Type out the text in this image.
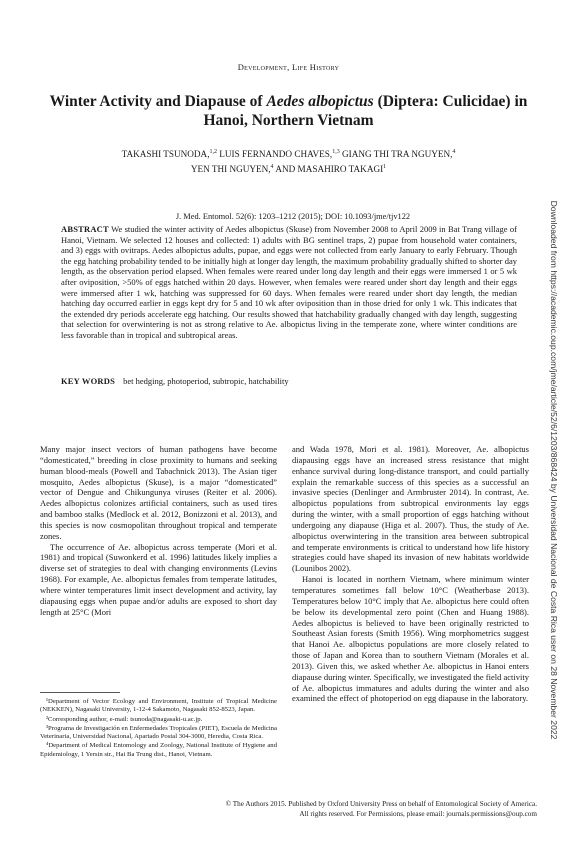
Development, Life History
Winter Activity and Diapause of Aedes albopictus (Diptera: Culicidae) in Hanoi, Northern Vietnam
TAKASHI TSUNODA,$^{1,2}$ LUIS FERNANDO CHAVES,$^{1,3}$ GIANG THI TRA NGUYEN,$^4$
YEN THI NGUYEN,$^4$ AND MASAHIRO TAKAGI$^1$
J. Med. Entomol. 52(6): 1203–1212 (2015); DOI: 10.1093/jme/tjv122
ABSTRACT We studied the winter activity of Aedes albopictus (Skuse) from November 2008 to April 2009 in Bat Trang village of Hanoi, Vietnam. We selected 12 houses and collected: 1) adults with BG sentinel traps, 2) pupae from household water containers, and 3) eggs with ovitraps. Aedes albopictus adults, pupae, and eggs were not collected from early January to early February. Though the egg hatching probability tended to be initially high at longer day length, the maximum probability gradually shifted to shorter day length, as the observation period elapsed. When females were reared under long day length and their eggs were immersed 1 or 5 wk after oviposition, >50% of eggs hatched within 20 days. However, when females were reared under short day length and their eggs were immersed after 1 wk, hatching was suppressed for 60 days. When females were reared under short day length, the median hatching day occurred earlier in eggs kept dry for 5 and 10 wk after oviposition than in those dried for only 1 wk. This indicates that the extended dry periods accelerate egg hatching. Our results showed that hatchability gradually changed with day length, suggesting that selection for overwintering is not as strong relative to Ae. albopictus living in the temperate zone, where winter conditions are less favorable than in tropical and subtropical areas.
KEY WORDS bet hedging, photoperiod, subtropic, hatchability

Many major insect vectors of human pathogens have become “domesticated,” breeding in close proximity to humans and seeking human blood-meals (Powell and Tabachnick 2013). The Asian tiger mosquito, Aedes albopictus (Skuse), is a major “domesticated” vector of Dengue and Chikungunya viruses (Reiter et al. 2006). Aedes albopictus colonizes artificial containers, such as used tires and bamboo stalks (Medlock et al. 2012, Bonizzoni et al. 2013), and this species is now cosmopolitan throughout tropical and temperate zones.

The occurrence of Ae. albopictus across temperate (Mori et al. 1981) and tropical (Suwonkerd et al. 1996) latitudes likely implies a diverse set of strategies to deal with changing environments (Levins 1968). For example, Ae. albopictus females from temperate latitudes, where winter temperatures limit insect development and activity, lay diapausing eggs when pupae and/or adults are exposed to short day length at 25°C (Mori

and Wada 1978, Mori et al. 1981). Moreover, Ae. albopictus diapausing eggs have an increased stress resistance that might enhance survival during long-distance transport, and could partially explain the remarkable success of this species as a successful an invasive species (Denlinger and Armbruster 2014). In contrast, Ae. albopictus populations from subtropical environments lay eggs during the winter, with a small proportion of eggs hatching without undergoing any diapause (Higa et al. 2007). Thus, the study of Ae. albopictus overwintering in the transition area between subtropical and temperate environments is critical to understand how life history strategies could have shaped its invasion of new habitats worldwide (Lounibos 2002).

Hanoi is located in northern Vietnam, where minimum winter temperatures sometimes fall below 10°C (Weatherbase 2013). Temperatures below 10°C imply that Ae. albopictus here could often be below its developmental zero point (Chen and Huang 1988). Aedes albopictus is believed to have been originally restricted to Southeast Asian forests (Smith 1956). Wing morphometrics suggest that Hanoi Ae. albopictus populations are more closely related to those of Japan and Korea than to southern Vietnam (Morales et al. 2013). Given this, we asked whether Ae. albopictus in Hanoi enters diapause during winter. Specifically, we investigated the field activity of Ae. albopictus immatures and adults during the winter and also examined the effect of photoperiod on egg diapause in the laboratory.

¹Department of Vector Ecology and Environment, Institute of Tropical Medicine (NEKKEN), Nagasaki University, 1-12-4 Sakamoto, Nagasaki 852-8523, Japan.

²Corresponding author, e-mail: tsunoda@nagasaki-u.ac.jp.

³Programa de Investigación en Enfermedades Tropicales (PIET), Escuela de Medicina Veterinaria, Universidad Nacional, Apartado Postal 304-3000, Heredia, Costa Rica.

⁴Department of Medical Entomology and Zoology, National Institute of Hygiene and Epidemiology, 1 Yersin str., Hai Ba Trung dist., Hanoi, Vietnam.

© The Authors 2015. Published by Oxford University Press on behalf of Entomological Society of America.
All rights reserved. For Permissions, please email: journals.permissions@oup.com
Downloaded from https://academic.oup.com/jme/article/52/6/1203/868424 by Universidad Nacional de Costa Rica user on 28 November 2022
